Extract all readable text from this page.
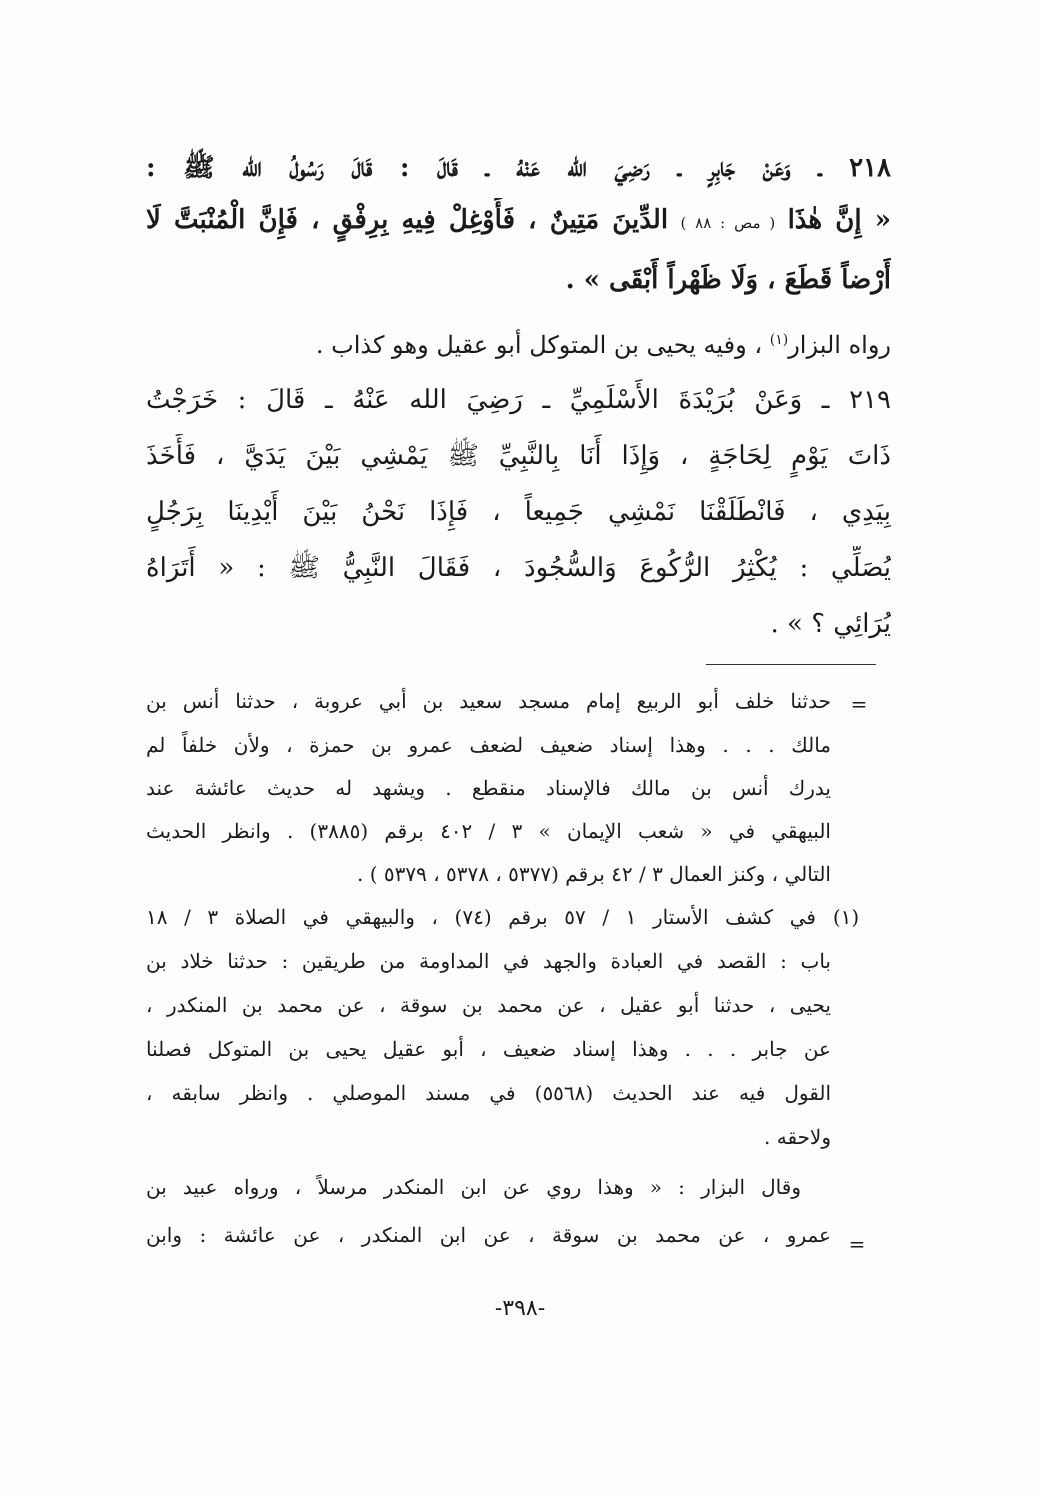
٢١٨ ـ وَعَنْ جَابِرٍ ـ رَضِيَ الله عَنْهُ ـ قَالَ : قَالَ رَسُولُ الله ﷺ :
« إِنَّ هٰذَا ( مص : ٨٨ ) الدِّينَ مَتِينٌ ، فَأَوْغِلْ فِيهِ بِرِفْقٍ ، فَإِنَّ الْمُنْبَتَّ لَا
أَرْضاً قَطَعَ ، وَلَا ظَهْراً أَبْقَى » .
رواه البزار$^{(١)}$ ، وفيه يحيى بن المتوكل أبو عقيل وهو كذاب .
٢١٩ ـ وَعَنْ بُرَيْدَةَ الأَسْلَمِيِّ ـ رَضِيَ الله عَنْهُ ـ قَالَ : خَرَجْتُ
ذَاتَ يَوْمٍ لِحَاجَةٍ ، وَإِذَا أَنَا بِالنَّبِيِّ ﷺ يَمْشِي بَيْنَ يَدَيَّ ، فَأَخَذَ
بِيَدِي ، فَانْطَلَقْنَا نَمْشِي جَمِيعاً ، فَإِذَا نَحْنُ بَيْنَ أَيْدِينَا بِرَجُلٍ
يُصَلِّي : يُكْثِرُ الرُّكُوعَ وَالسُّجُودَ ، فَقَالَ النَّبِيُّ ﷺ : « أَتَرَاهُ
يُرَائِي ؟ » .
=
حدثنا خلف أبو الربيع إمام مسجد سعيد بن أبي عروبة ، حدثنا أنس بن
مالك . . . وهذا إسناد ضعيف لضعف عمرو بن حمزة ، ولأن خلفاً لم
يدرك أنس بن مالك فالإسناد منقطع . ويشهد له حديث عائشة عند
البيهقي في « شعب الإيمان » ٣ / ٤٠٢ برقم (٣٨٨٥) . وانظر الحديث
التالي ، وكنز العمال ٣ / ٤٢ برقم (٥٣٧٧ ، ٥٣٧٨ ، ٥٣٧٩ ) .
(١)
في كشف الأستار ١ / ٥٧ برقم (٧٤) ، والبيهقي في الصلاة ٣ / ١٨
باب : القصد في العبادة والجهد في المداومة من طريقين : حدثنا خلاد بن
يحيى ، حدثنا أبو عقيل ، عن محمد بن سوقة ، عن محمد بن المنكدر ،
عن جابر . . . وهذا إسناد ضعيف ، أبو عقيل يحيى بن المتوكل فصلنا
القول فيه عند الحديث (٥٥٦٨) في مسند الموصلي . وانظر سابقه ،
ولاحقه .
وقال البزار : « وهذا روي عن ابن المنكدر مرسلاً ، ورواه عبيد بن
عمرو ، عن محمد بن سوقة ، عن ابن المنكدر ، عن عائشة : وابن =
-٣٩٨-
